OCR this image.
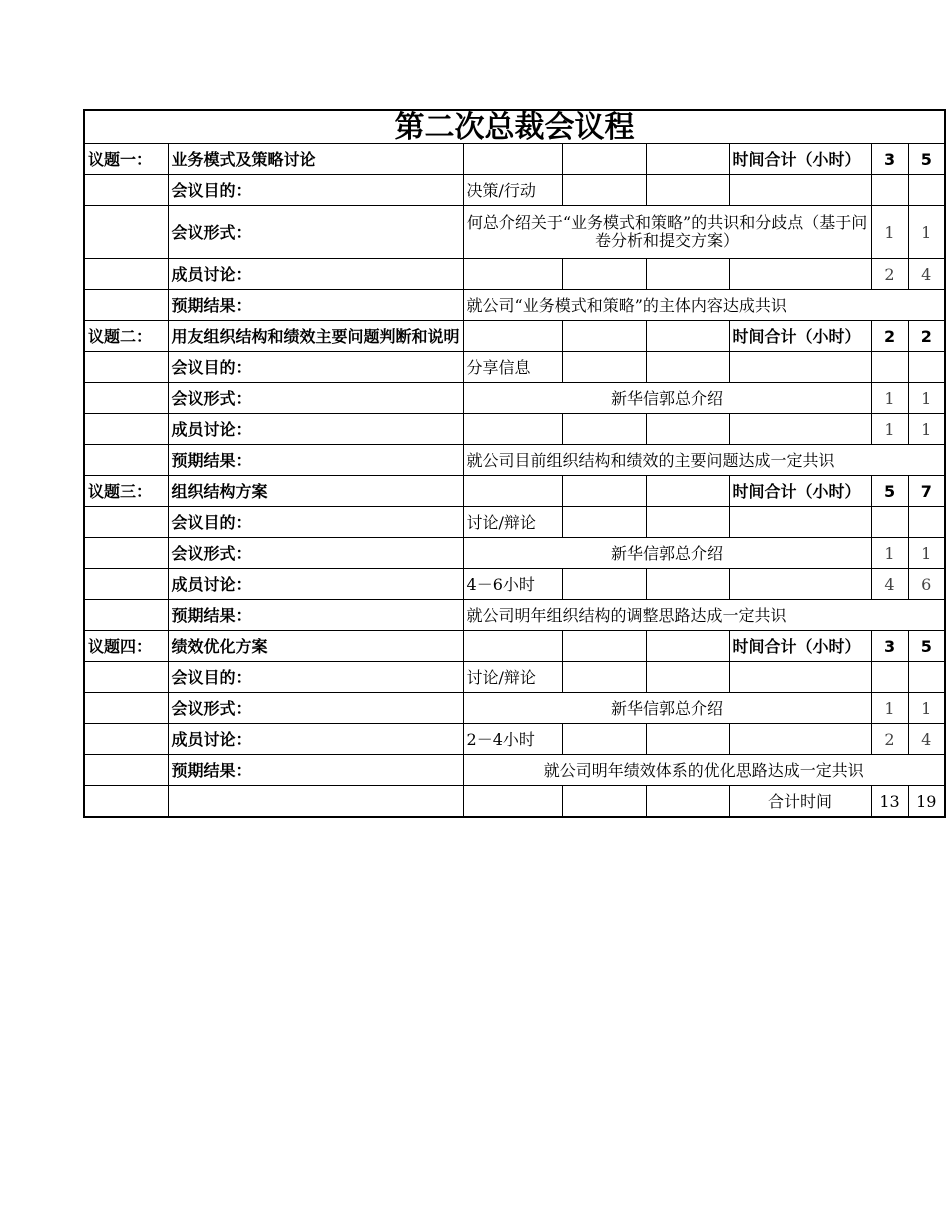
第二次总裁会议程							
议题一：	业务模式及策略讨论				时间合计（小时）	3	5
	会议目的：	决策/行动					
	会议形式：	何总介绍关于“业务模式和策略”的共识和分歧点（基于问卷分析和提交方案）				1	1
	成员讨论：					2	4
	预期结果：	就公司“业务模式和策略”的主体内容达成共识					
议题二：	用友组织结构和绩效主要问题判断和说明				时间合计（小时）	2	2
	会议目的：	分享信息					
	会议形式：	新华信郭总介绍				1	1
	成员讨论：					1	1
	预期结果：	就公司目前组织结构和绩效的主要问题达成一定共识					
议题三：	组织结构方案				时间合计（小时）	5	7
	会议目的：	讨论/辩论					
	会议形式：	新华信郭总介绍				1	1
	成员讨论：	4－6小时				4	6
	预期结果：	就公司明年组织结构的调整思路达成一定共识					
议题四：	绩效优化方案				时间合计（小时）	3	5
	会议目的：	讨论/辩论					
	会议形式：	新华信郭总介绍				1	1
	成员讨论：	2－4小时				2	4
	预期结果：	就公司明年绩效体系的优化思路达成一定共识					
					合计时间	13	19
